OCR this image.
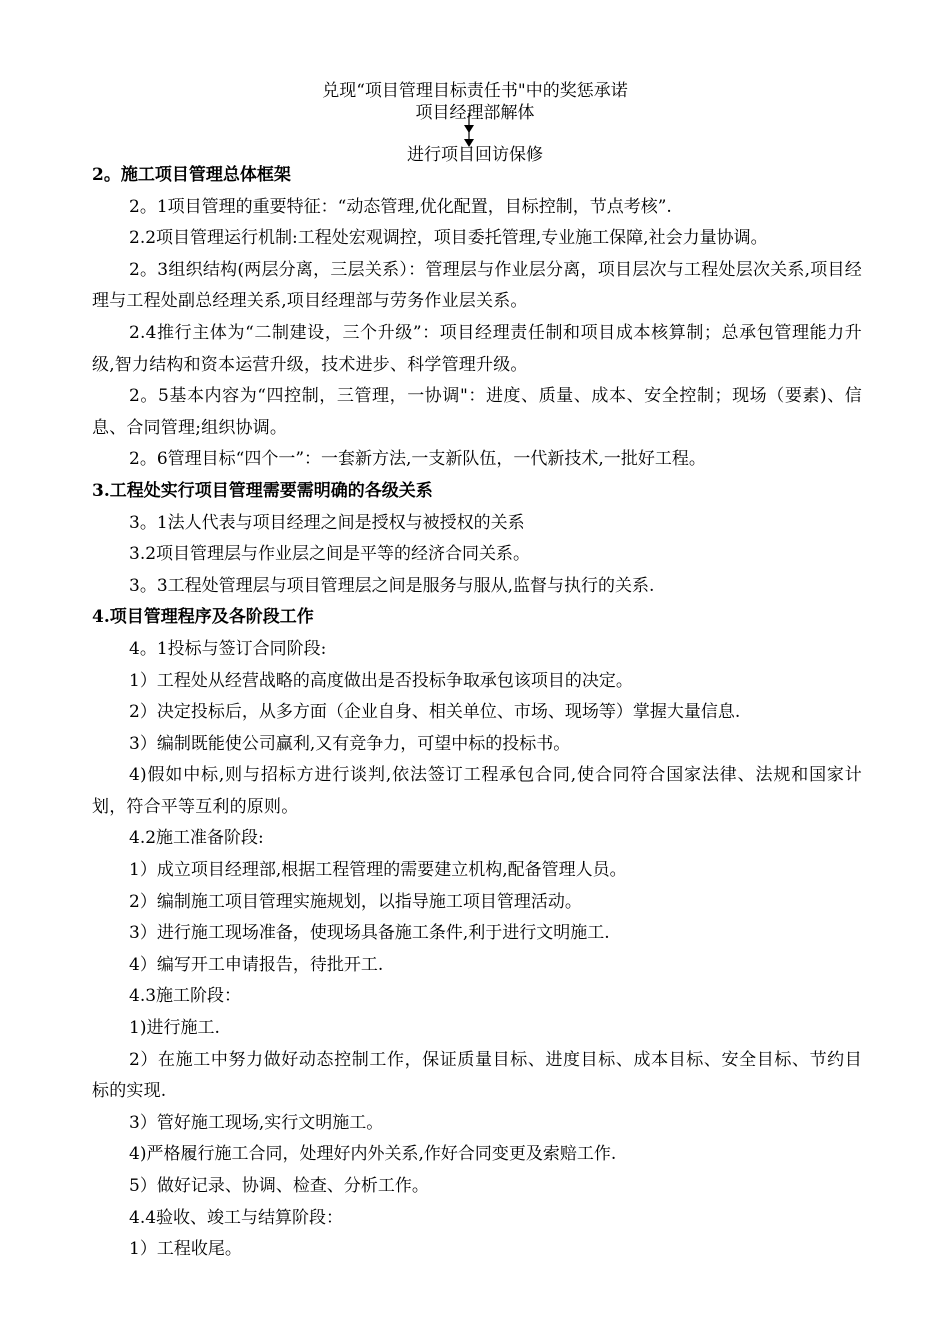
兑现“项目管理目标责任书"中的奖惩承诺
项目经理部解体
进行项目回访保修
2。施工项目管理总体框架
2。1项目管理的重要特征：“动态管理,优化配置，目标控制，节点考核”.
2.2项目管理运行机制:工程处宏观调控，项目委托管理,专业施工保障,社会力量协调。
2。3组织结构(两层分离，三层关系）：管理层与作业层分离，项目层次与工程处层次关系,项目经理与工程处副总经理关系,项目经理部与劳务作业层关系。
2.4推行主体为“二制建设，三个升级”：项目经理责任制和项目成本核算制；总承包管理能力升级,智力结构和资本运营升级，技术进步、科学管理升级。
2。5基本内容为“四控制，三管理，一协调"：进度、质量、成本、安全控制；现场（要素)、信息、合同管理;组织协调。
2。6管理目标“四个一”：一套新方法,一支新队伍，一代新技术,一批好工程。
3.工程处实行项目管理需要需明确的各级关系
3。1法人代表与项目经理之间是授权与被授权的关系
3.2项目管理层与作业层之间是平等的经济合同关系。
3。3工程处管理层与项目管理层之间是服务与服从,监督与执行的关系.
4.项目管理程序及各阶段工作
4。1投标与签订合同阶段:
1）工程处从经营战略的高度做出是否投标争取承包该项目的决定。
2）决定投标后，从多方面（企业自身、相关单位、市场、现场等）掌握大量信息.
3）编制既能使公司赢利,又有竞争力，可望中标的投标书。
4)假如中标,则与招标方进行谈判,依法签订工程承包合同,使合同符合国家法律、法规和国家计划，符合平等互利的原则。
4.2施工准备阶段:
1）成立项目经理部,根据工程管理的需要建立机构,配备管理人员。
2）编制施工项目管理实施规划，以指导施工项目管理活动。
3）进行施工现场准备，使现场具备施工条件,利于进行文明施工.
4）编写开工申请报告，待批开工.
4.3施工阶段：
1)进行施工.
2）在施工中努力做好动态控制工作，保证质量目标、进度目标、成本目标、安全目标、节约目标的实现.
3）管好施工现场,实行文明施工。
4)严格履行施工合同，处理好内外关系,作好合同变更及索赔工作.
5）做好记录、协调、检查、分析工作。
4.4验收、竣工与结算阶段：
1）工程收尾。
